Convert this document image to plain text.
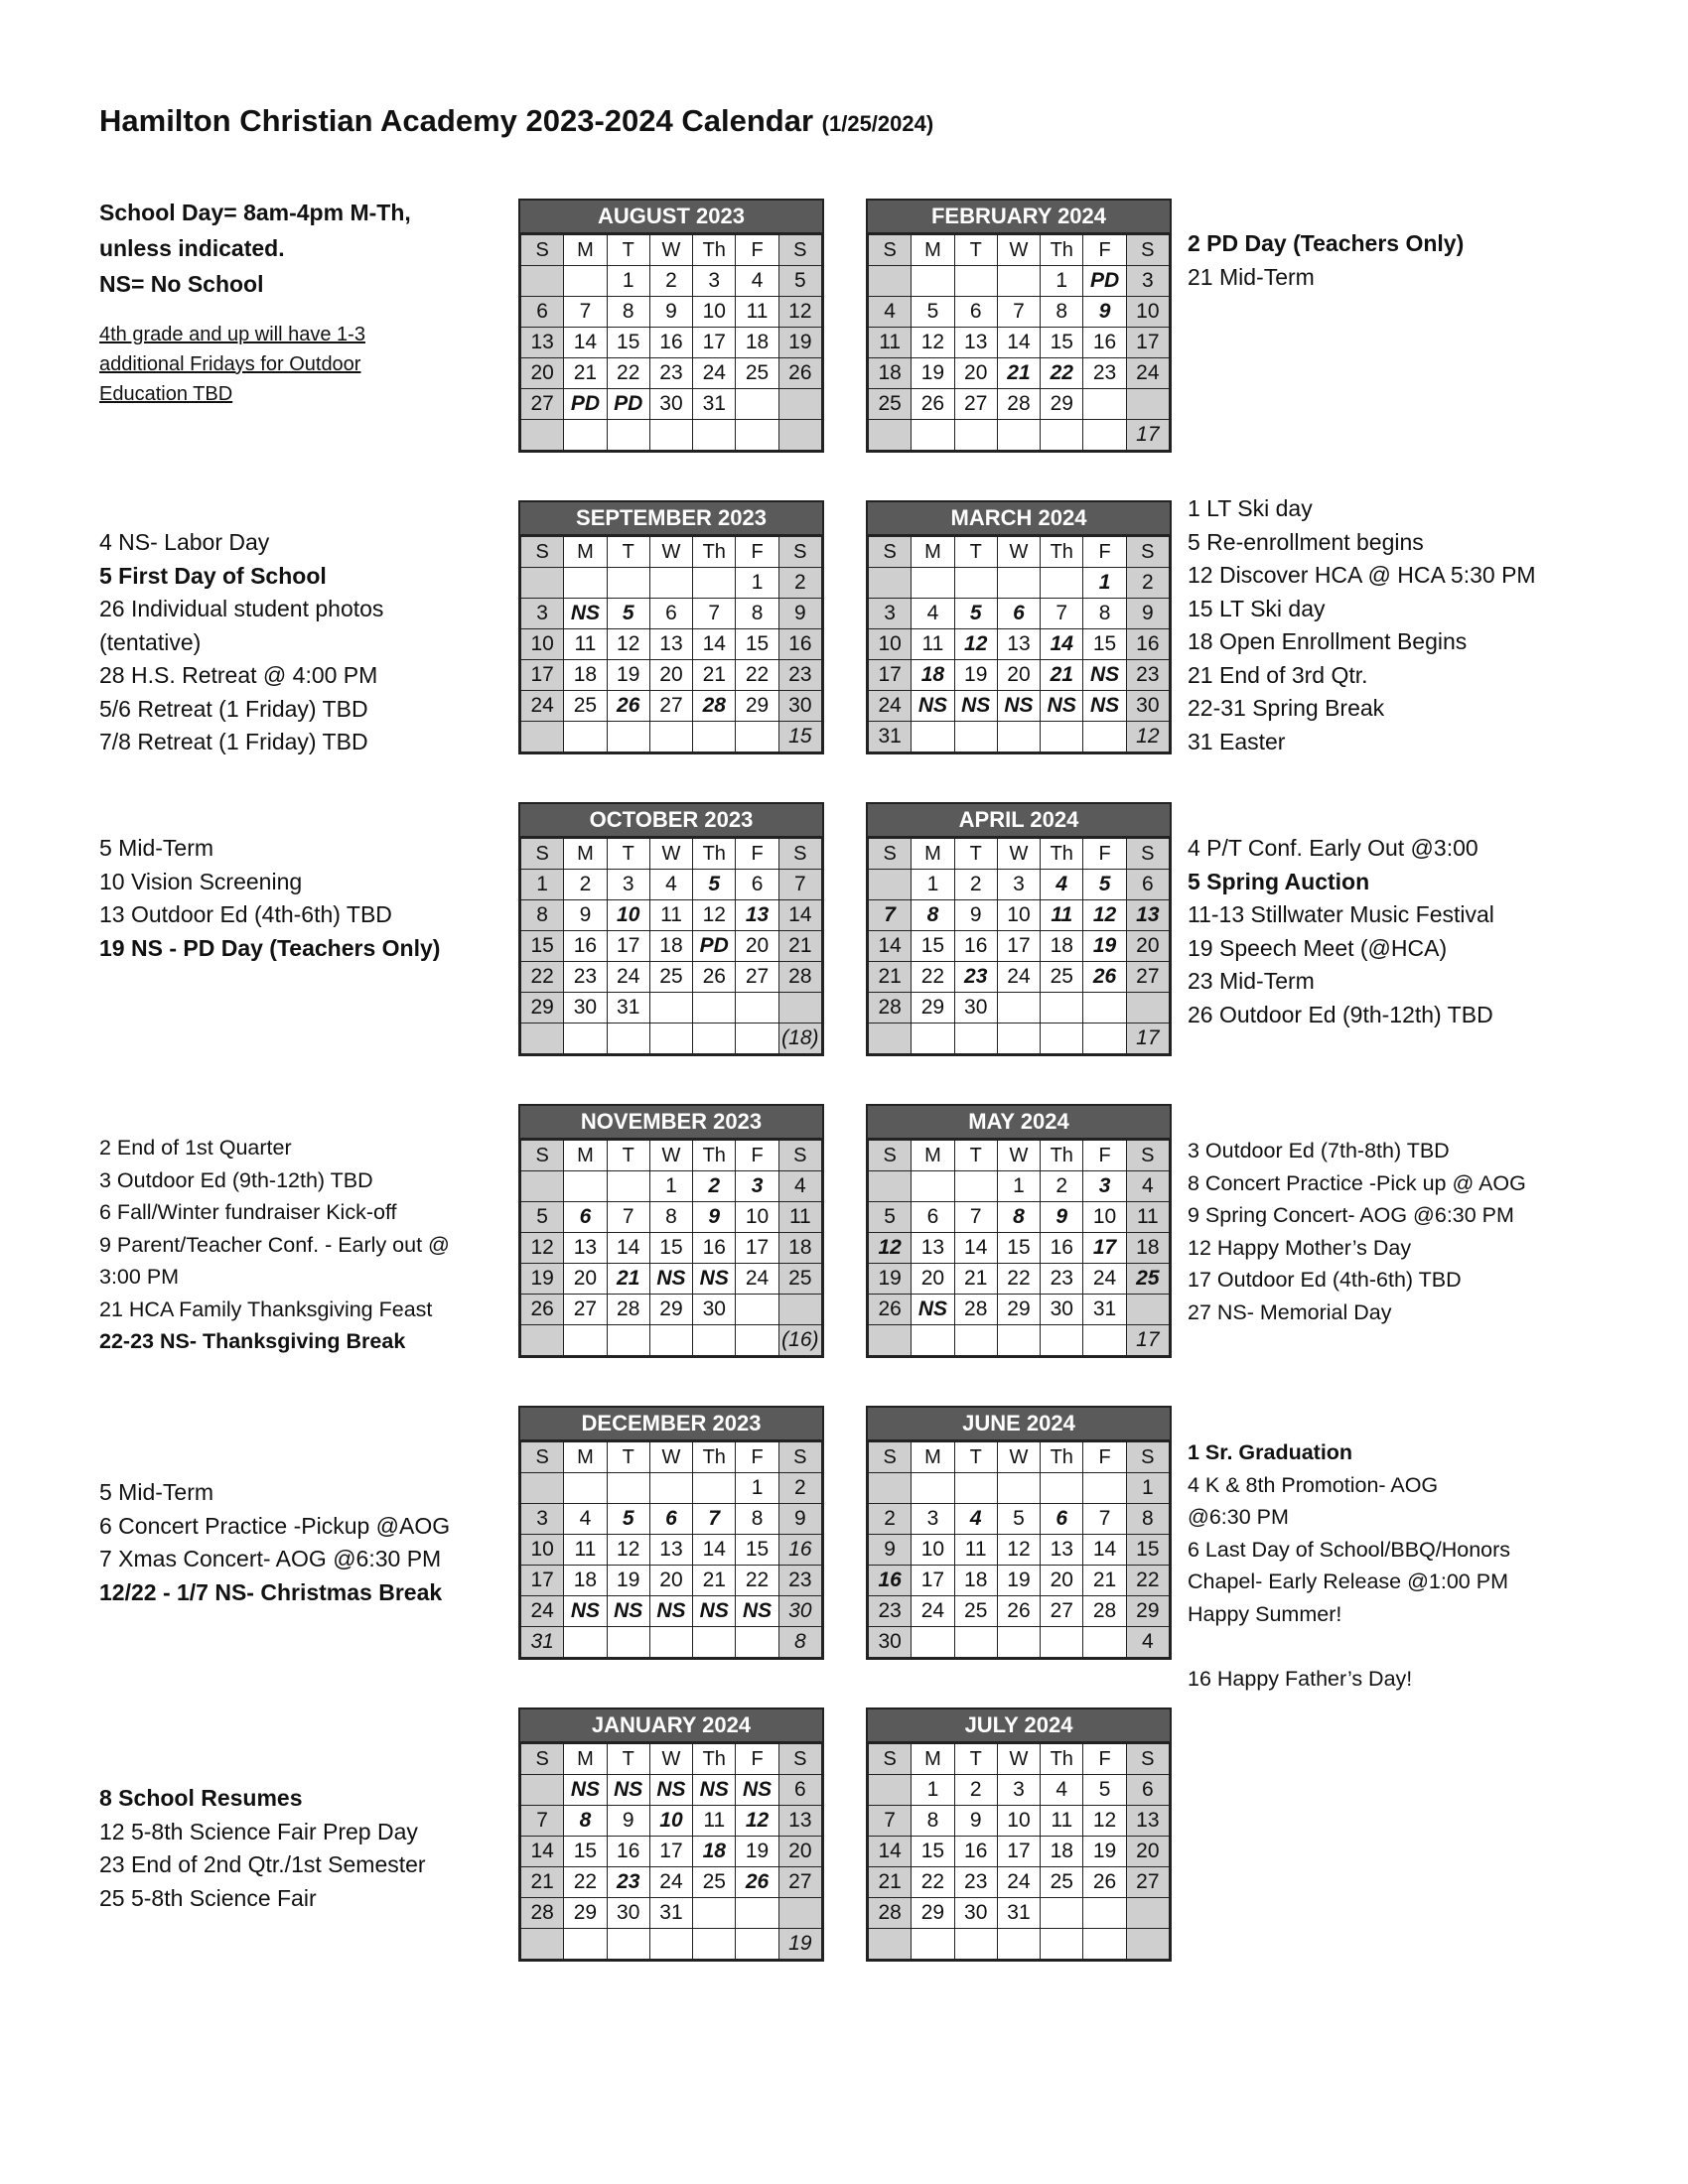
Hamilton Christian Academy 2023-2024 Calendar (1/25/2024)
School Day= 8am-4pm M-Th,
unless indicated.
NS= No School
4th grade and up will have 1-3
additional Fridays for Outdoor
Education TBD
AUGUST 2023
S	M	T	W	Th	F	S
		1	2	3	4	5
6	7	8	9	10	11	12
13	14	15	16	17	18	19
20	21	22	23	24	25	26
27	PD	PD	30	31		

FEBRUARY 2024
S	M	T	W	Th	F	S
				1	PD	3
4	5	6	7	8	9	10
11	12	13	14	15	16	17
18	19	20	21	22	23	24
25	26	27	28	29		
						17
SEPTEMBER 2023
S	M	T	W	Th	F	S
					1	2
3	NS	5	6	7	8	9
10	11	12	13	14	15	16
17	18	19	20	21	22	23
24	25	26	27	28	29	30
						15
MARCH 2024
S	M	T	W	Th	F	S
					1	2
3	4	5	6	7	8	9
10	11	12	13	14	15	16
17	18	19	20	21	NS	23
24	NS	NS	NS	NS	NS	30
31						12
OCTOBER 2023
S	M	T	W	Th	F	S
1	2	3	4	5	6	7
8	9	10	11	12	13	14
15	16	17	18	PD	20	21
22	23	24	25	26	27	28
29	30	31				
						(18)
APRIL 2024
S	M	T	W	Th	F	S
	1	2	3	4	5	6
7	8	9	10	11	12	13
14	15	16	17	18	19	20
21	22	23	24	25	26	27
28	29	30				
						17
NOVEMBER 2023
S	M	T	W	Th	F	S
			1	2	3	4
5	6	7	8	9	10	11
12	13	14	15	16	17	18
19	20	21	NS	NS	24	25
26	27	28	29	30		
						(16)
MAY 2024
S	M	T	W	Th	F	S
			1	2	3	4
5	6	7	8	9	10	11
12	13	14	15	16	17	18
19	20	21	22	23	24	25
26	NS	28	29	30	31	
						17
DECEMBER 2023
S	M	T	W	Th	F	S
					1	2
3	4	5	6	7	8	9
10	11	12	13	14	15	16
17	18	19	20	21	22	23
24	NS	NS	NS	NS	NS	30
31						8
JUNE 2024
S	M	T	W	Th	F	S
						1
2	3	4	5	6	7	8
9	10	11	12	13	14	15
16	17	18	19	20	21	22
23	24	25	26	27	28	29
30						4
JANUARY 2024
S	M	T	W	Th	F	S
	NS	NS	NS	NS	NS	6
7	8	9	10	11	12	13
14	15	16	17	18	19	20
21	22	23	24	25	26	27
28	29	30	31			
						19
JULY 2024
S	M	T	W	Th	F	S
	1	2	3	4	5	6
7	8	9	10	11	12	13
14	15	16	17	18	19	20
21	22	23	24	25	26	27
28	29	30	31			

2 PD Day (Teachers Only)
21 Mid-Term
4 NS- Labor Day
5 First Day of School
26 Individual student photos
(tentative)
28 H.S. Retreat @ 4:00 PM
5/6 Retreat (1 Friday) TBD
7/8 Retreat (1 Friday) TBD
1 LT Ski day
5 Re-enrollment begins
12 Discover HCA @ HCA 5:30 PM
15 LT Ski day
18 Open Enrollment Begins
21 End of 3rd Qtr.
22-31 Spring Break
31 Easter
5 Mid-Term
10 Vision Screening
13 Outdoor Ed (4th-6th) TBD
19 NS - PD Day (Teachers Only)
4 P/T Conf. Early Out @3:00
5 Spring Auction
11-13 Stillwater Music Festival
19 Speech Meet (@HCA)
23 Mid-Term
26 Outdoor Ed (9th-12th) TBD
2 End of 1st Quarter
3 Outdoor Ed (9th-12th) TBD
6 Fall/Winter fundraiser Kick-off
9 Parent/Teacher Conf. - Early out @
3:00 PM
21 HCA Family Thanksgiving Feast
22-23 NS- Thanksgiving Break
3 Outdoor Ed (7th-8th) TBD
8 Concert Practice -Pick up @ AOG
9 Spring Concert- AOG @6:30 PM
12 Happy Mother’s Day
17 Outdoor Ed (4th-6th) TBD
27 NS- Memorial Day
5 Mid-Term
6 Concert Practice -Pickup @AOG
7 Xmas Concert- AOG @6:30 PM
12/22 - 1/7 NS- Christmas Break
1 Sr. Graduation
4 K & 8th Promotion- AOG
@6:30 PM
6 Last Day of School/BBQ/Honors
Chapel- Early Release @1:00 PM
Happy Summer!

16 Happy Father’s Day!
8 School Resumes
12 5-8th Science Fair Prep Day
23 End of 2nd Qtr./1st Semester
25 5-8th Science Fair
